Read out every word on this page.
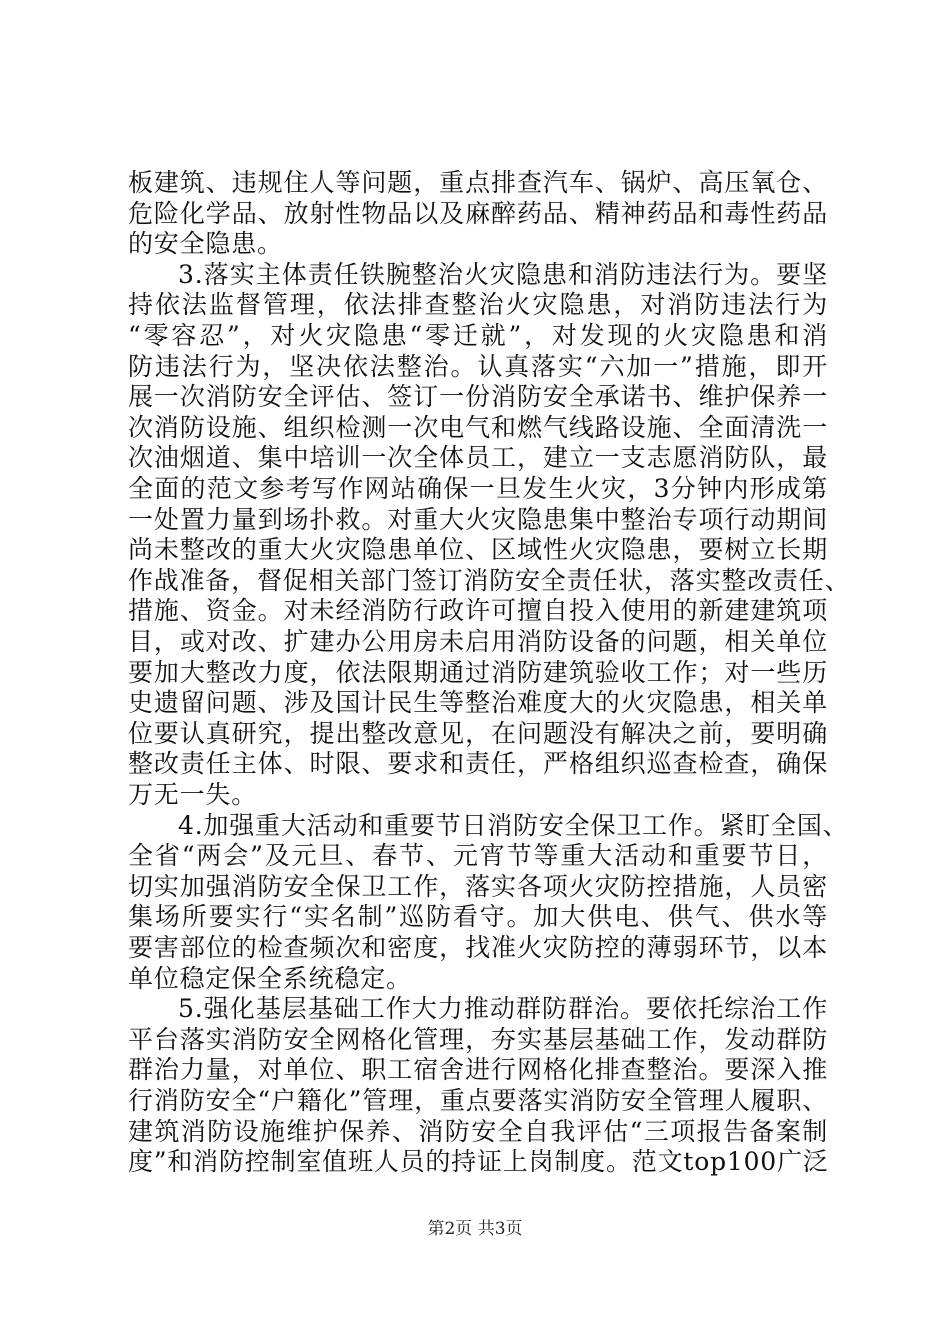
板建筑、违规住人等问题，重点排查汽车、锅炉、高压氧仓、
危险化学品、放射性物品以及麻醉药品、精神药品和毒性药品
的安全隐患。
3.落实主体责任铁腕整治火灾隐患和消防违法行为。要坚
持依法监督管理，依法排查整治火灾隐患，对消防违法行为
“零容忍”，对火灾隐患“零迁就”，对发现的火灾隐患和消
防违法行为，坚决依法整治。认真落实“六加一”措施，即开
展一次消防安全评估、签订一份消防安全承诺书、维护保养一
次消防设施、组织检测一次电气和燃气线路设施、全面清洗一
次油烟道、集中培训一次全体员工，建立一支志愿消防队，最
全面的范文参考写作网站确保一旦发生火灾，3分钟内形成第
一处置力量到场扑救。对重大火灾隐患集中整治专项行动期间
尚未整改的重大火灾隐患单位、区域性火灾隐患，要树立长期
作战准备，督促相关部门签订消防安全责任状，落实整改责任、
措施、资金。对未经消防行政许可擅自投入使用的新建建筑项
目，或对改、扩建办公用房未启用消防设备的问题，相关单位
要加大整改力度，依法限期通过消防建筑验收工作；对一些历
史遗留问题、涉及国计民生等整治难度大的火灾隐患，相关单
位要认真研究，提出整改意见，在问题没有解决之前，要明确
整改责任主体、时限、要求和责任，严格组织巡查检查，确保
万无一失。
4.加强重大活动和重要节日消防安全保卫工作。紧盯全国、
全省“两会”及元旦、春节、元宵节等重大活动和重要节日，
切实加强消防安全保卫工作，落实各项火灾防控措施，人员密
集场所要实行“实名制”巡防看守。加大供电、供气、供水等
要害部位的检查频次和密度，找准火灾防控的薄弱环节，以本
单位稳定保全系统稳定。
5.强化基层基础工作大力推动群防群治。要依托综治工作
平台落实消防安全网格化管理，夯实基层基础工作，发动群防
群治力量，对单位、职工宿舍进行网格化排查整治。要深入推
行消防安全“户籍化”管理，重点要落实消防安全管理人履职、
建筑消防设施维护保养、消防安全自我评估“三项报告备案制
度”和消防控制室值班人员的持证上岗制度。范文top100广泛
第2页 共3页
